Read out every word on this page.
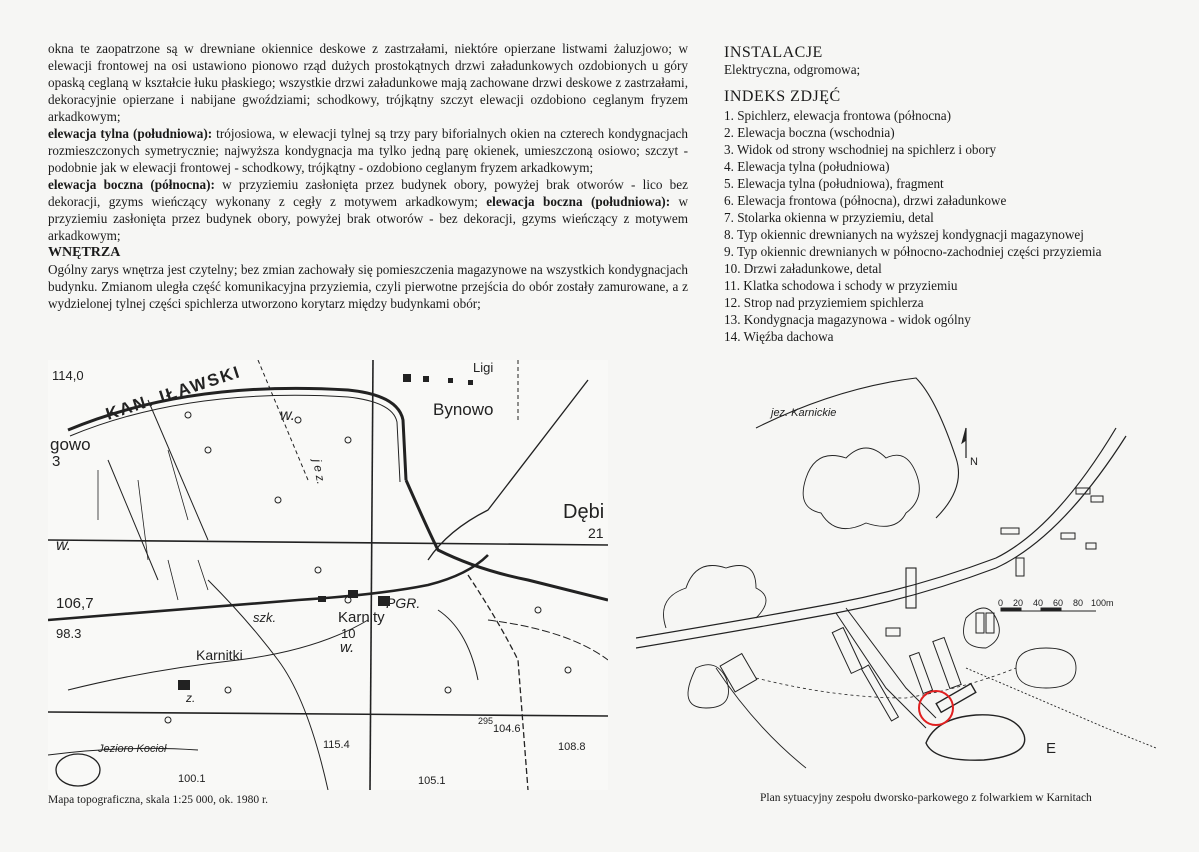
okna te zaopatrzone są w drewniane okiennice deskowe z zastrzałami, niektóre opierzane listwami żaluzjowo; w elewacji frontowej na osi ustawiono pionowo rząd dużych prostokątnych drzwi załadunkowych ozdobionych u góry opaską ceglaną w kształcie łuku płaskiego; wszystkie drzwi załadunkowe mają zachowane drzwi deskowe z zastrzałami, dekoracyjnie opierzane i nabijane gwoździami; schodkowy, trójkątny szczyt elewacji ozdobiono ceglanym fryzem arkadkowym;

elewacja tylna (południowa): trójosiowa, w elewacji tylnej są trzy pary biforialnych okien na czterech kondygnacjach rozmieszczonych symetrycznie; najwyższa kondygnacja ma tylko jedną parę okienek, umieszczoną osiowo; szczyt - podobnie jak w elewacji frontowej - schodkowy, trójkątny - ozdobiono ceglanym fryzem arkadkowym;

elewacja boczna (północna): w przyziemiu zasłonięta przez budynek obory, powyżej brak otworów - lico bez dekoracji, gzyms wieńczący wykonany z cegły z motywem arkadkowym; elewacja boczna (południowa): w przyziemiu zasłonięta przez budynek obory, powyżej brak otworów - bez dekoracji, gzyms wieńczący z motywem arkadkowym;

WNĘTRZA

Ogólny zarys wnętrza jest czytelny; bez zmian zachowały się pomieszczenia magazynowe na wszystkich kondygnacjach budynku. Zmianom uległa część komunikacyjna przyziemia, czyli pierwotne przejścia do obór zostały zamurowane, a z wydzielonej tylnej części spichlerza utworzono korytarz między budynkami obór;

INSTALACJE

Elektryczna, odgromowa;

INDEKS ZDJĘĆ

1. Spichlerz, elewacja frontowa (północna)
2. Elewacja boczna (wschodnia)
3. Widok od strony wschodniej na spichlerz i obory
4. Elewacja tylna (południowa)
5. Elewacja tylna (południowa), fragment
6. Elewacja frontowa (północna), drzwi załadunkowe
7. Stolarka okienna w przyziemiu, detal
8. Typ okiennic drewnianych na wyższej kondygnacji magazynowej
9. Typ okiennic drewnianych w północno-zachodniej części przyziemia
10. Drzwi załadunkowe, detal
11. Klatka schodowa i schody w przyziemiu
12. Strop nad przyziemiem spichlerza
13. Kondygnacja magazynowa - widok ogólny
14. Więźba dachowa
114,0 KAN. IŁAWSKI	Ligi
Bynowo
gowo
3
w.
w.
w.
Dębi
21
106,7
98.3
szk.
PGR.
Karnity
10
Karnitki
j e z.
z.
115.4
104.6
295
108.8
100.1	105.1
Jezioro Kocioł
Mapa topograficzna, skala 1:25 000, ok. 1980 r.
jez. Karnickie
N
0 20 40 60 80 100m
E
Plan sytuacyjny zespołu dworsko-parkowego z folwarkiem w Karnitach
